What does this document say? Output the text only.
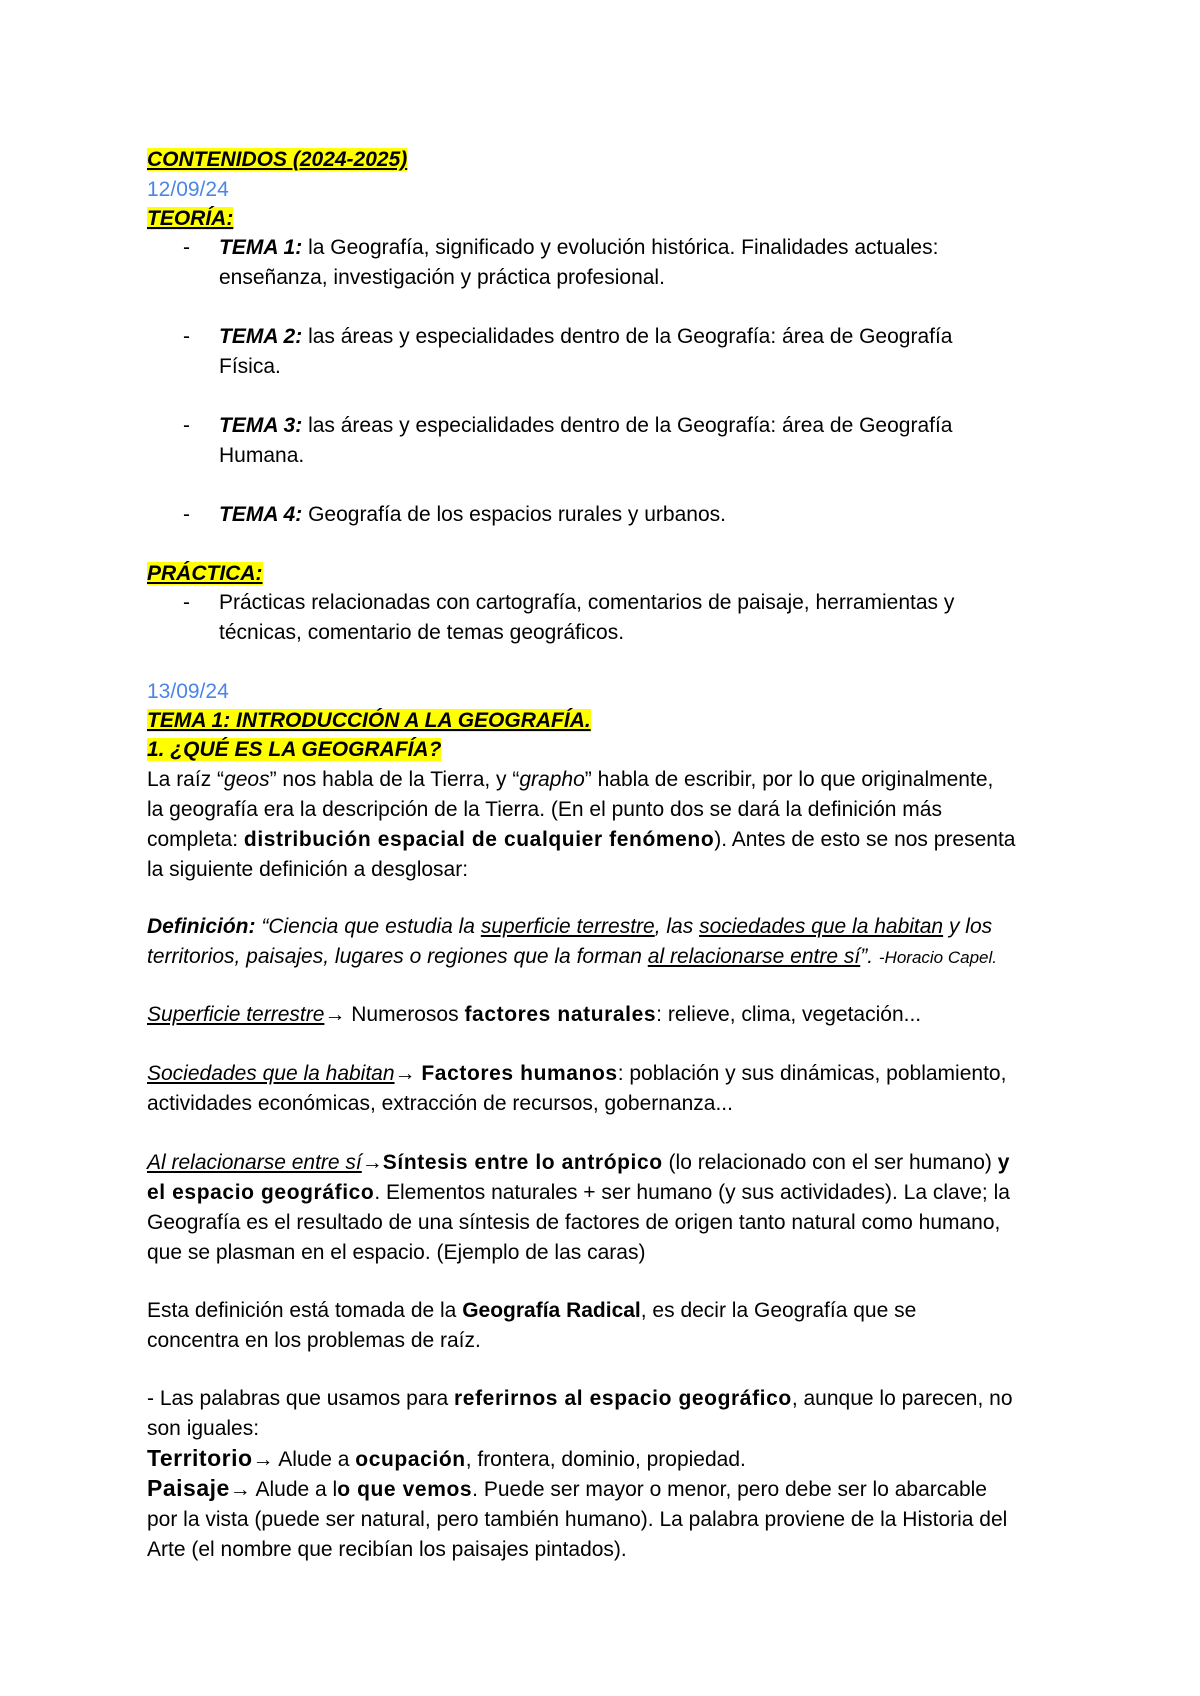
CONTENIDOS (2024-2025)
12/09/24
TEORÍA:
- TEMA 1: la Geografía, significado y evolución histórica. Finalidades actuales:
enseñanza, investigación y práctica profesional.
- TEMA 2: las áreas y especialidades dentro de la Geografía: área de Geografía
Física.
- TEMA 3: las áreas y especialidades dentro de la Geografía: área de Geografía
Humana.
- TEMA 4: Geografía de los espacios rurales y urbanos.
PRÁCTICA:
- Prácticas relacionadas con cartografía, comentarios de paisaje, herramientas y
técnicas, comentario de temas geográficos.
13/09/24
TEMA 1: INTRODUCCIÓN A LA GEOGRAFÍA.
1. ¿QUÉ ES LA GEOGRAFÍA?
La raíz “geos” nos habla de la Tierra, y “grapho” habla de escribir, por lo que originalmente,
la geografía era la descripción de la Tierra. (En el punto dos se dará la definición más
completa: distribución espacial de cualquier fenómeno). Antes de esto se nos presenta
la siguiente definición a desglosar:
Definición: “Ciencia que estudia la superficie terrestre, las sociedades que la habitan y los
territorios, paisajes, lugares o regiones que la forman al relacionarse entre sí”. -Horacio Capel.
Superficie terrestre→ Numerosos factores naturales: relieve, clima, vegetación...
Sociedades que la habitan→ Factores humanos: población y sus dinámicas, poblamiento,
actividades económicas, extracción de recursos, gobernanza...
Al relacionarse entre sí→Síntesis entre lo antrópico (lo relacionado con el ser humano) y
el espacio geográfico. Elementos naturales + ser humano (y sus actividades). La clave; la
Geografía es el resultado de una síntesis de factores de origen tanto natural como humano,
que se plasman en el espacio. (Ejemplo de las caras)
Esta definición está tomada de la Geografía Radical, es decir la Geografía que se
concentra en los problemas de raíz.
- Las palabras que usamos para referirnos al espacio geográfico, aunque lo parecen, no
son iguales:
Territorio→ Alude a ocupación, frontera, dominio, propiedad.
Paisaje→ Alude a lo que vemos. Puede ser mayor o menor, pero debe ser lo abarcable
por la vista (puede ser natural, pero también humano). La palabra proviene de la Historia del
Arte (el nombre que recibían los paisajes pintados).
